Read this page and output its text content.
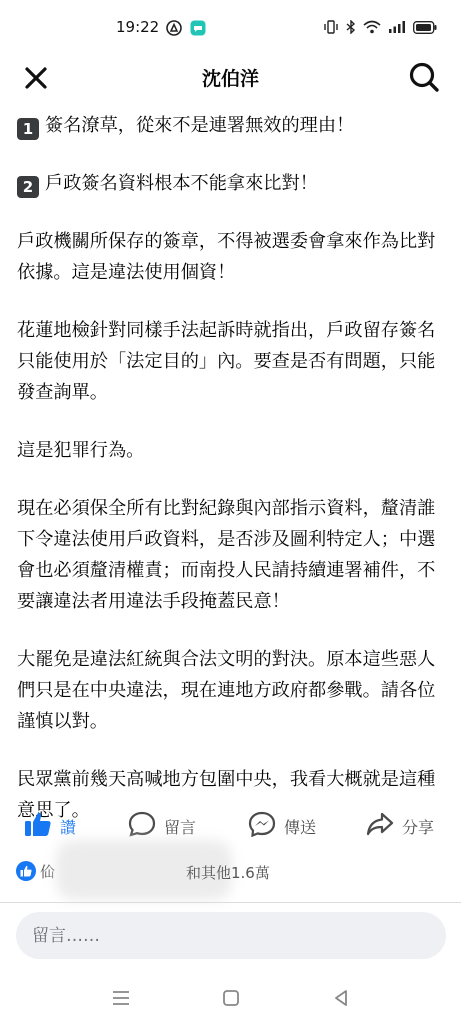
19:22
沈伯洋

1 簽名潦草，從來不是連署無效的理由！

2 戶政簽名資料根本不能拿來比對！

戶政機關所保存的簽章，不得被選委會拿來作為比對依據。這是違法使用個資！

花蓮地檢針對同樣手法起訴時就指出，戶政留存簽名只能使用於「法定目的」內。要查是否有問題，只能發查詢單。

這是犯罪行為。

現在必須保全所有比對紀錄與內部指示資料，釐清誰下令違法使用戶政資料，是否涉及圖利特定人；中選會也必須釐清權責；而南投人民請持續連署補件，不要讓違法者用違法手段掩蓋民意！

大罷免是違法紅統與合法文明的對決。原本這些惡人們只是在中央違法，現在連地方政府都參戰。請各位謹慎以對。

民眾黨前幾天高喊地方包圍中央，我看大概就是這種意思了。

讚	留言	傳送	分享
佡	和其他1.6萬
留言……
